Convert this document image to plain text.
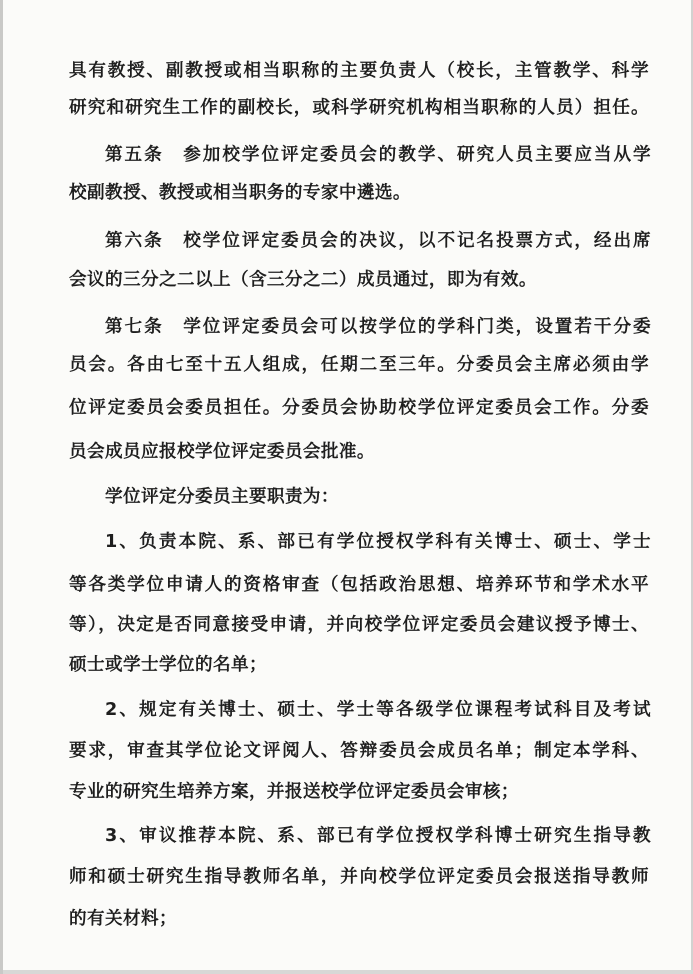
具有教授、副教授或相当职称的主要负责人（校长，主管教学、科学
研究和研究生工作的副校长，或科学研究机构相当职称的人员）担任。
第五条　参加校学位评定委员会的教学、研究人员主要应当从学
校副教授、教授或相当职务的专家中遴选。
第六条　校学位评定委员会的决议，以不记名投票方式，经出席
会议的三分之二以上（含三分之二）成员通过，即为有效。
第七条　学位评定委员会可以按学位的学科门类，设置若干分委
员会。各由七至十五人组成，任期二至三年。分委员会主席必须由学
位评定委员会委员担任。分委员会协助校学位评定委员会工作。分委
员会成员应报校学位评定委员会批准。
学位评定分委员主要职责为：
1、负责本院、系、部已有学位授权学科有关博士、硕士、学士
等各类学位申请人的资格审查（包括政治思想、培养环节和学术水平
等），决定是否同意接受申请，并向校学位评定委员会建议授予博士、
硕士或学士学位的名单；
2、规定有关博士、硕士、学士等各级学位课程考试科目及考试
要求，审查其学位论文评阅人、答辩委员会成员名单；制定本学科、
专业的研究生培养方案，并报送校学位评定委员会审核；
3、审议推荐本院、系、部已有学位授权学科博士研究生指导教
师和硕士研究生指导教师名单，并向校学位评定委员会报送指导教师
的有关材料；
